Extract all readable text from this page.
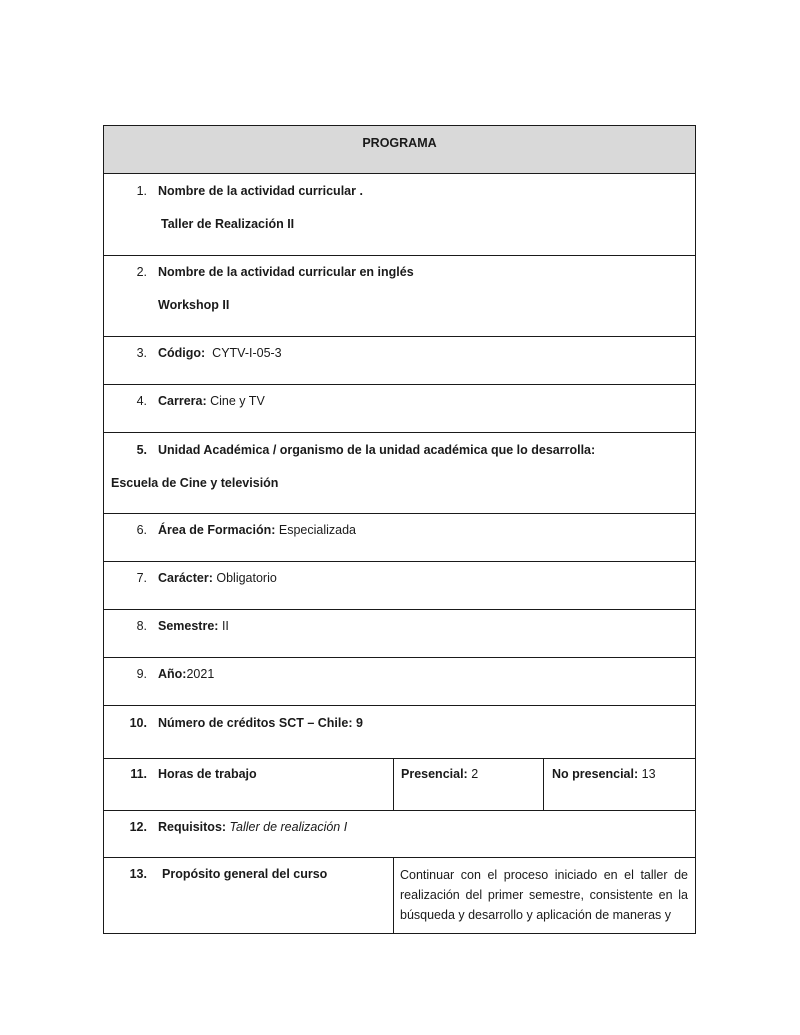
PROGRAMA
1. Nombre de la actividad curricular .
Taller de Realización II
2. Nombre de la actividad curricular en inglés
Workshop II
3. Código: CYTV-I-05-3
4. Carrera: Cine y TV
5. Unidad Académica / organismo de la unidad académica que lo desarrolla:
Escuela de Cine y televisión
6. Área de Formación: Especializada
7. Carácter: Obligatorio
8. Semestre: II
9. Año:2021
10. Número de créditos SCT – Chile: 9
11. Horas de trabajo	Presencial: 2	No presencial: 13
12. Requisitos: Taller de realización I
13. Propósito general del curso	Continuar con el proceso iniciado en el taller de realización del primer semestre, consistente en la búsqueda y desarrollo y aplicación de maneras y
